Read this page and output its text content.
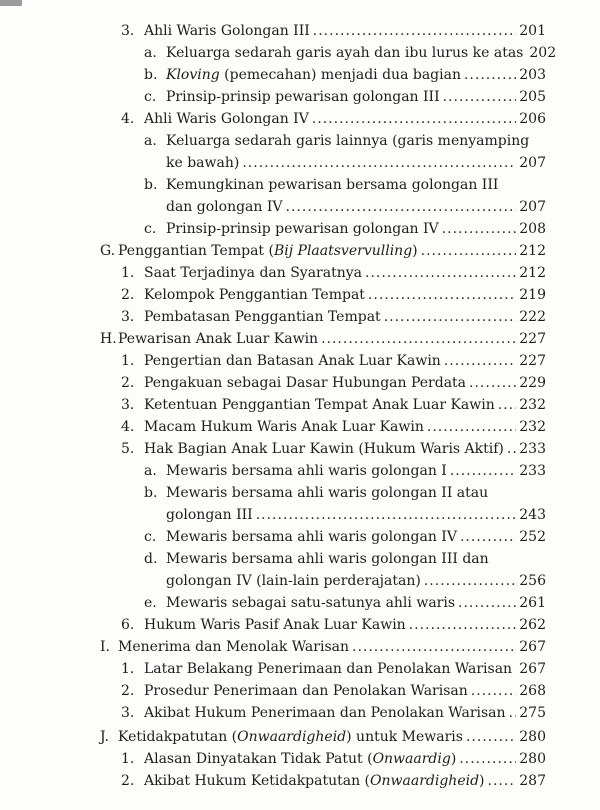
3. Ahli Waris Golongan III .....	201
a. Keluarga sedarah garis ayah dan ibu lurus ke atas 202
b. Kloving (pemecahan) menjadi dua bagian .....	203
c. Prinsip-prinsip pewarisan golongan III .....	205
4. Ahli Waris Golongan IV .....	206
a. Keluarga sedarah garis lainnya (garis menyamping
ke bawah) .....	207
b. Kemungkinan pewarisan bersama golongan III
dan golongan IV .....	207
c. Prinsip-prinsip pewarisan golongan IV .....	208
G. Penggantian Tempat (Bij Plaatsvervulling) .....	212
1. Saat Terjadinya dan Syaratnya .....	212
2. Kelompok Penggantian Tempat .....	219
3. Pembatasan Penggantian Tempat .....	222
H. Pewarisan Anak Luar Kawin .....	227
1. Pengertian dan Batasan Anak Luar Kawin .....	227
2. Pengakuan sebagai Dasar Hubungan Perdata .....	229
3. Ketentuan Penggantian Tempat Anak Luar Kawin ..... 232
4. Macam Hukum Waris Anak Luar Kawin .....	232
5. Hak Bagian Anak Luar Kawin (Hukum Waris Aktif) ..... 233
a. Mewaris bersama ahli waris golongan I .....	233
b. Mewaris bersama ahli waris golongan II atau
golongan III .....	243
c. Mewaris bersama ahli waris golongan IV .....	252
d. Mewaris bersama ahli waris golongan III dan
golongan IV (lain-lain perderajatan) .....	256
e. Mewaris sebagai satu-satunya ahli waris .....	261
6. Hukum Waris Pasif Anak Luar Kawin .....	262
I. Menerima dan Menolak Warisan .....	267
1. Latar Belakang Penerimaan dan Penolakan Warisan ..... 267
2. Prosedur Penerimaan dan Penolakan Warisan .....	268
3. Akibat Hukum Penerimaan dan Penolakan Warisan ..... 275
J. Ketidakpatutan (Onwaardigheid) untuk Mewaris .....	280
1. Alasan Dinyatakan Tidak Patut (Onwaardig) .....	280
2. Akibat Hukum Ketidakpatutan (Onwaardigheid) ..... 287
